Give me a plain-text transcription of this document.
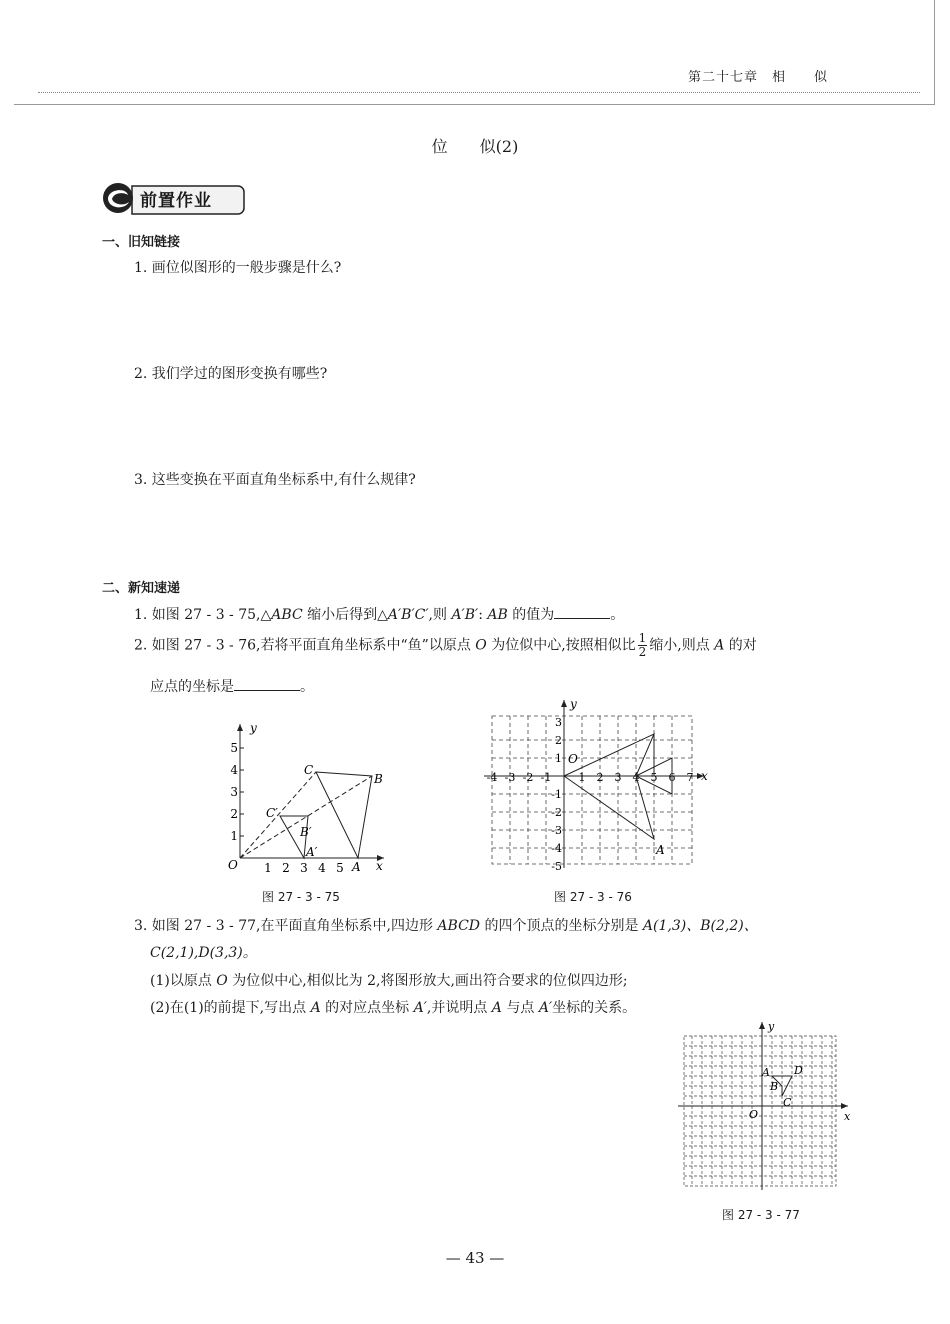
第二十七章　相　　似
位　　似(2)
前置作业
一、旧知链接
1. 画位似图形的一般步骤是什么?
2. 我们学过的图形变换有哪些?
3. 这些变换在平面直角坐标系中,有什么规律?
二、新知速递
1. 如图 27 - 3 - 75,△ABC 缩小后得到△A′B′C′,则 A′B′: AB 的值为	。
2. 如图 27 - 3 - 76,若将平面直角坐标系中“鱼”以原点 O 为位似中心,按照相似比 $\frac{1}{2}$ 缩小,则点 A 的对
应点的坐标是	。
y
x
O 1 2 3 4 5
1
2
3
4
5
C
B
A
C′
B′
A′
图 27 - 3 - 75
y
x
O
-4 -3 -2 -1 1 2 3 4 5 6 7
1
2
3
-1
-2
-3
-4
-5
A
图 27 - 3 - 76
3. 如图 27 - 3 - 77,在平面直角坐标系中,四边形 ABCD 的四个顶点的坐标分别是 A(1,3)、B(2,2)、
C(2,1),D(3,3)。
(1)以原点 O 为位似中心,相似比为 2,将图形放大,画出符合要求的位似四边形;
(2)在(1)的前提下,写出点 A 的对应点坐标 A′,并说明点 A 与点 A′坐标的关系。
y
x
O
A
B
C
D
图 27 - 3 - 77
— 43 —
